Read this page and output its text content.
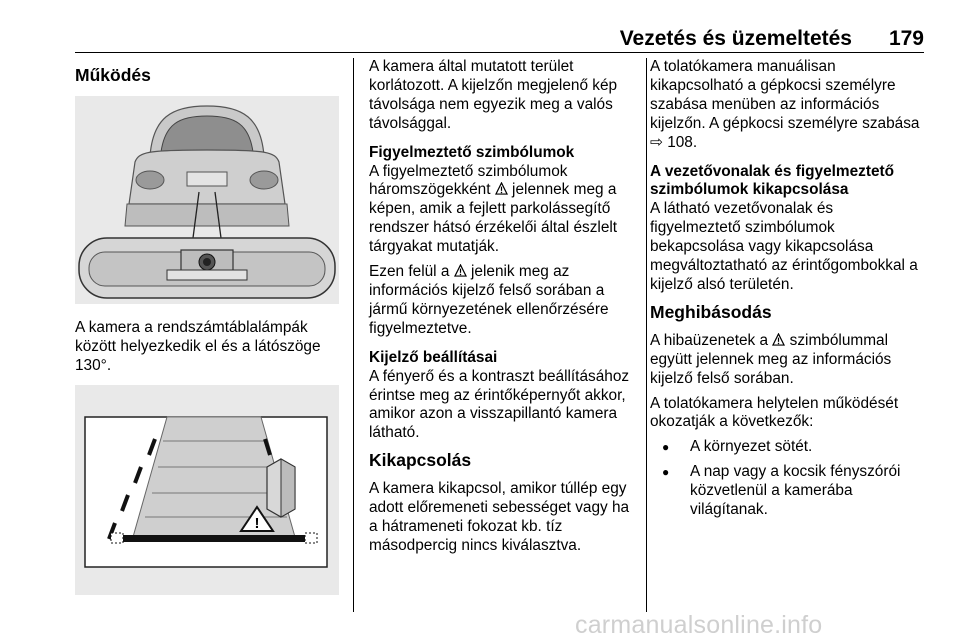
Vezetés és üzemeltetés 179
Működés

A kamera a rendszámtáblalámpák között helyezkedik el és a látószöge 130°.

!

A kamera által mutatott terület korlátozott. A kijelzőn megjelenő kép távolsága nem egyezik meg a valós távolsággal.

Figyelmeztető szimbólumok
A figyelmeztető szimbólumok háromszögekként jelennek meg a képen, amik a fejlett parkolássegítő rendszer hátsó érzékelői által észlelt tárgyakat mutatják.

Ezen felül a jelenik meg az információs kijelző felső sorában a jármű környezetének ellenőrzésére figyelmeztetve.

Kijelző beállításai
A fényerő és a kontraszt beállításához érintse meg az érintőképernyőt akkor, amikor azon a visszapillantó kamera látható.

Kikapcsolás

A kamera kikapcsol, amikor túllép egy adott előremeneti sebességet vagy ha a hátrameneti fokozat kb. tíz másodpercig nincs kiválasztva.

A tolatókamera manuálisan kikapcsolható a gépkocsi személyre szabása menüben az információs kijelzőn. A gépkocsi személyre szabása ⇨ 108.

A vezetővonalak és figyelmeztető szimbólumok kikapcsolása
A látható vezetővonalak és figyelmeztető szimbólumok bekapcsolása vagy kikapcsolása megváltoztatható az érintőgombokkal a kijelző alsó területén.

Meghibásodás

A hibaüzenetek a szimbólummal együtt jelennek meg az információs kijelző felső sorában.

A tolatókamera helytelen működését okozatják a következők:

● A környezet sötét.
● A nap vagy a kocsik fényszórói közvetlenül a kamerába világítanak.
carmanualsonline.info
